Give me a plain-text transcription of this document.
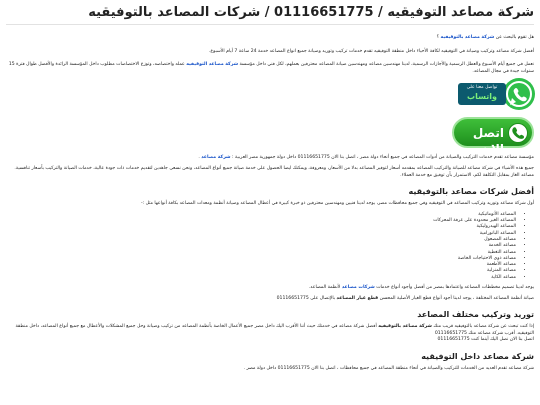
شركة مصاعد التوفيقيه / 01116651775 / شركات المصاعد بالتوفيقيه

هل تقوم بالبحث عن شركة مصاعد بالتوفيقيه ؟

أفضل شركة مصاعد وتركيب وصيانة في التوفيقيه لكافة الأحياء داخل منطقة التوفيقيه تقدم خدمات تركيب وتوريد وصيانة جميع انواع المصاعد خدمة 24 ساعة 7 أيام الأسبوع.

نعمل في جميع أيام الأسبوع والعطل الرسمية والأجازات الرسمية، لدينا مهندسين مصاعد ومهندسين صيانة المصاعد محترفين بعملهم، لكل فني داخل مؤسسة شركة مصاعد التوفيقيه عمله واختصاصه، وتوزع الاختصاصات مطلوب داخل المؤسسة الرائدة والأفضل طوال فترة 15 سنوات جيدة في مجال المصاعد.

تواصل معنا على
واتساب
اتصل الان

مؤسسة مصاعد تقدم خدمات التركيب والصيانة من أدوات المصاعد في جميع أنحاء دولة مصر ، اتصل بنا الان 01116651775 داخل دولة جمهورية مصر العربية : شركة مصاعد .

جميع هذه الأشياء في شركة مصاعد للصيانة والتركيب المصاعد بمقدمه أسعار لتوفير المصاعد بدلا من الأسعار، ومعروفة، ويمكنك ايضا الحصول على خدمة صيانة جميع أنواع المصاعد، ونحن نسعى جاهدين لتقديم خدمات ذات جودة عالية، خدمات الصيانة والتركيب بأسعار تنافسية.

مصاعد الغاز بمقابل التكلفة لكم، الاستمرار بأن توفيق مع خدمة العملاء.

أفضل شركات مصاعد بالتوفيقيه

أول شركة مصاعد وتوريد وتركيب المصاعد في التوفيقيه وفي جميع محافظات مصر، يوجد لدينا فنيين ومهندسين محترفين ذو خبرة كبيرة في أعطال المصاعد وصيانة أنظمة ومعدات المصاعد بكافة أنواعها مثل :-

• المصاعد الأتوماتيكية
• المصاعد الغير محدودة على غرفة المحركات
• المصاعد الهيدروليكية
• المصاعد البانورامية
• مصاعد المصعول
• مصاعد الخدمة
• مصاعد التغطية
• مصاعد ذوي الاحتياجات الخاصة
• مصاعد الأطعمة
• مصاعد المنزلية
• مصاعد الكاية

يوجد لدينا تصميم مخططات المصاعد واعتمادها بمصر من أفضل وأجود أنواع خدمات شركات مصاعد لأنظمة المصاعد.

صيانة أنظمة المصاعد المختلفة ، يوجد لدينا أجود أنواع قطع الغيار الأصلية المحسن قطع غيار المصاعد بالإتصال على 01116651775

توريد وتركيب مختلف المصاعد

إذا كنت تبحث عن شركة مصاعد بالتوفيقيه قريب منك شركة مصاعد بالتوفيقيه أفضل شركة مصاعد في خدمتك حيث أننا الأقرب اليك داخل مصر جميع الأعمال الخاصة بأنظمة المصاعد من تركيب وصيانة وحل جميع المشكلات والأعطال مع جميع أنواع المصاعد، داخل منطقة التوفيقيه. أقرب شركة مصاعد منك 01116651775

اتصل بنا الان نصل اليك أينما كنت 01116651775

شركة مصاعد داخل التوفيقيه

شركة مصاعد تقدم العديد من الخدمات للتركيب والصيانة في أنحاء منطقة المصاعد في جميع محافظات ، اتصل بنا الان 01116651775 داخل دولة مصر .
